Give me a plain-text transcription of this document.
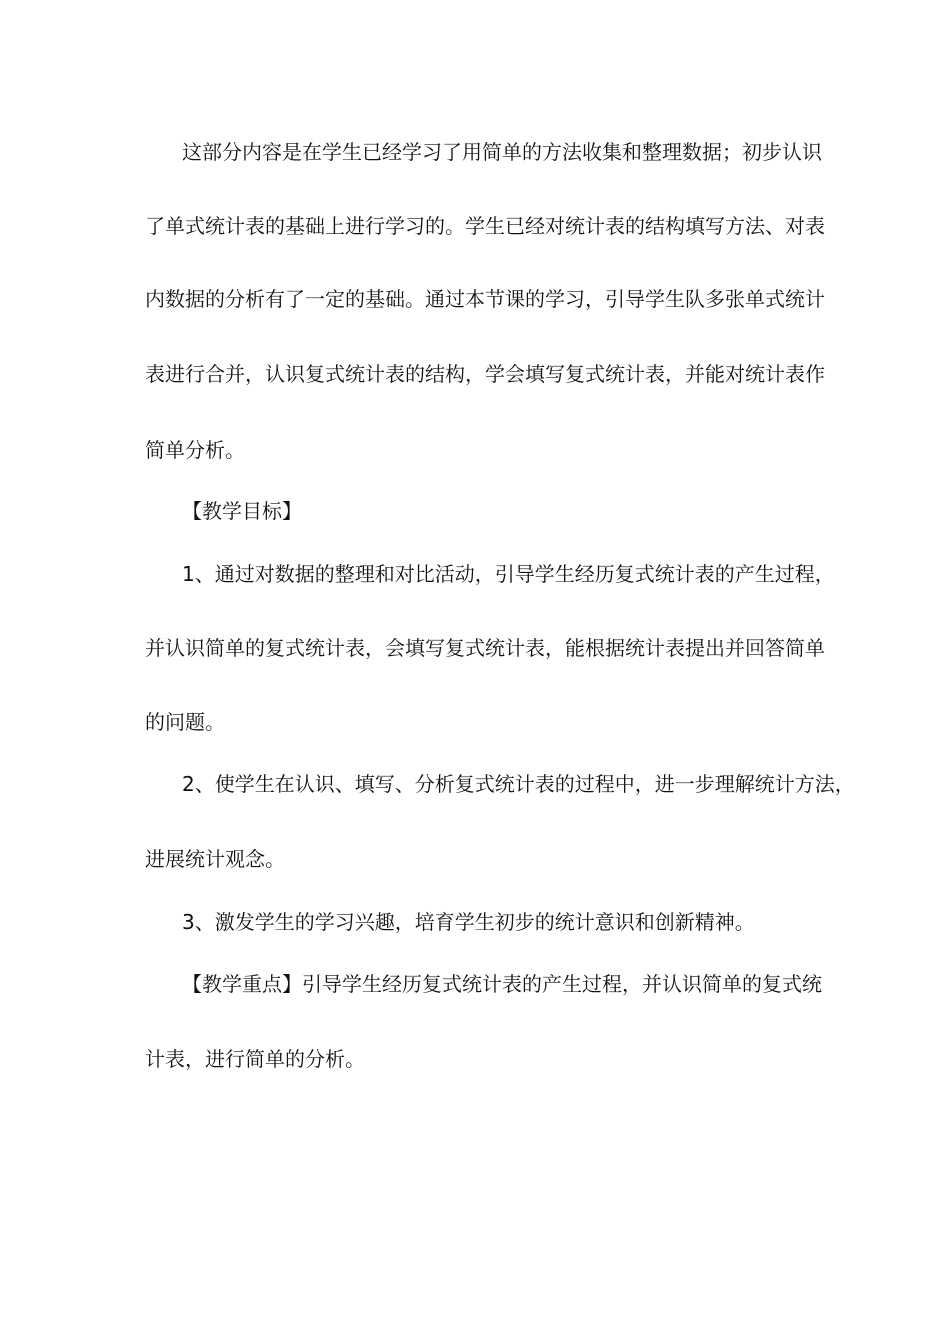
这部分内容是在学生已经学习了用简单的方法收集和整理数据；初步认识
了单式统计表的基础上进行学习的。学生已经对统计表的结构填写方法、对表
内数据的分析有了一定的基础。通过本节课的学习，引导学生队多张单式统计
表进行合并，认识复式统计表的结构，学会填写复式统计表，并能对统计表作
简单分析。
【教学目标】
1、通过对数据的整理和对比活动，引导学生经历复式统计表的产生过程，
并认识简单的复式统计表，会填写复式统计表，能根据统计表提出并回答简单
的问题。
2、使学生在认识、填写、分析复式统计表的过程中，进一步理解统计方法，
进展统计观念。
3、激发学生的学习兴趣，培育学生初步的统计意识和创新精神。
【教学重点】引导学生经历复式统计表的产生过程，并认识简单的复式统
计表，进行简单的分析。
